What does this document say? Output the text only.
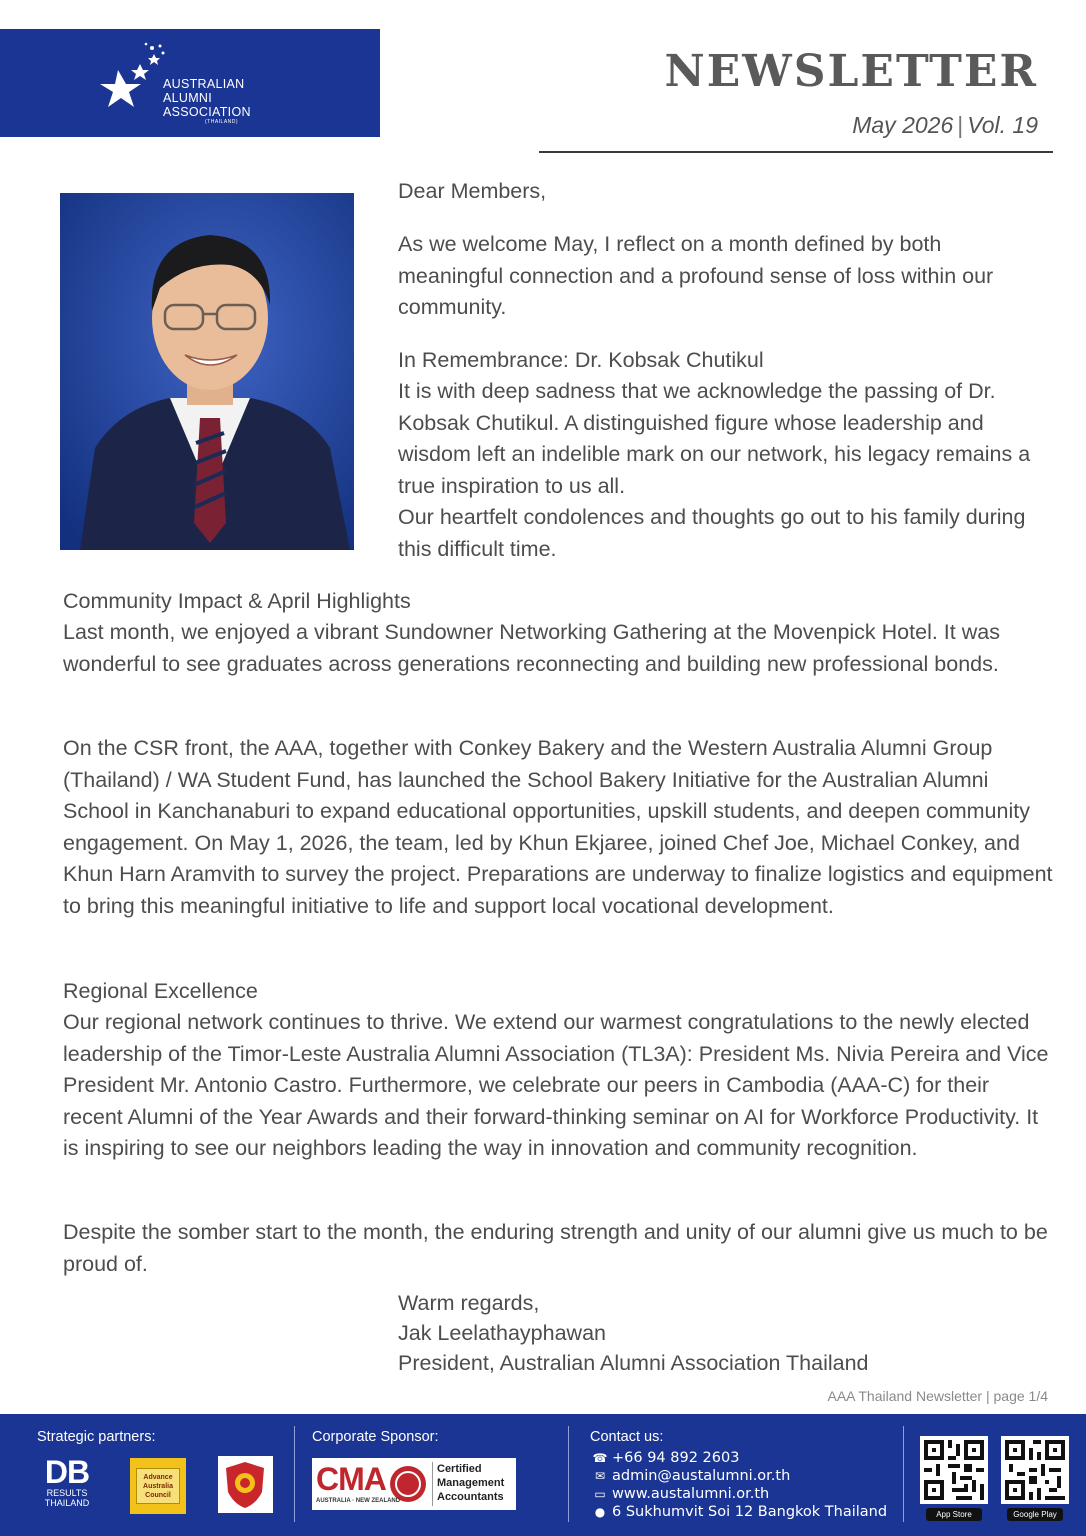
AUSTRALIAN
ALUMNI
ASSOCIATION
(THAILAND)
NEWSLETTER
May 2026 | Vol. 19

Dear Members,

As we welcome May, I reflect on a month defined by both meaningful connection and a profound sense of loss within our community.

In Remembrance: Dr. Kobsak Chutikul

It is with deep sadness that we acknowledge the passing of Dr. Kobsak Chutikul. A distinguished figure whose leadership and wisdom left an indelible mark on our network, his legacy remains a true inspiration to us all.

Our heartfelt condolences and thoughts go out to his family during this difficult time.

Community Impact & April Highlights

Last month, we enjoyed a vibrant Sundowner Networking Gathering at the Movenpick Hotel. It was wonderful to see graduates across generations reconnecting and building new professional bonds.

On the CSR front, the AAA, together with Conkey Bakery and the Western Australia Alumni Group (Thailand) / WA Student Fund, has launched the School Bakery Initiative for the Australian Alumni School in Kanchanaburi to expand educational opportunities, upskill students, and deepen community engagement. On May 1, 2026, the team, led by Khun Ekjaree, joined Chef Joe, Michael Conkey, and Khun Harn Aramvith to survey the project. Preparations are underway to finalize logistics and equipment to bring this meaningful initiative to life and support local vocational development.

Regional Excellence

Our regional network continues to thrive. We extend our warmest congratulations to the newly elected leadership of the Timor-Leste Australia Alumni Association (TL3A): President Ms. Nivia Pereira and Vice President Mr. Antonio Castro. Furthermore, we celebrate our peers in Cambodia (AAA-C) for their recent Alumni of the Year Awards and their forward-thinking seminar on AI for Workforce Productivity. It is inspiring to see our neighbors leading the way in innovation and community recognition.

Despite the somber start to the month, the enduring strength and unity of our alumni give us much to be proud of.

Warm regards,

Jak Leelathayphawan

President, Australian Alumni Association Thailand

AAA Thailand Newsletter | page 1/4
Strategic partners:
DB
RESULTS
THAILAND
Advance
Australia
Council
Corporate Sponsor:
CMA
AUSTRALIA · NEW ZEALAND
Certified
Management
Accountants
Contact us:
☎ +66 94 892 2603
✉ admin@austalumni.or.th
▭ www.austalumni.or.th
● 6 Sukhumvit Soi 12 Bangkok Thailand	App Store	Google Play
